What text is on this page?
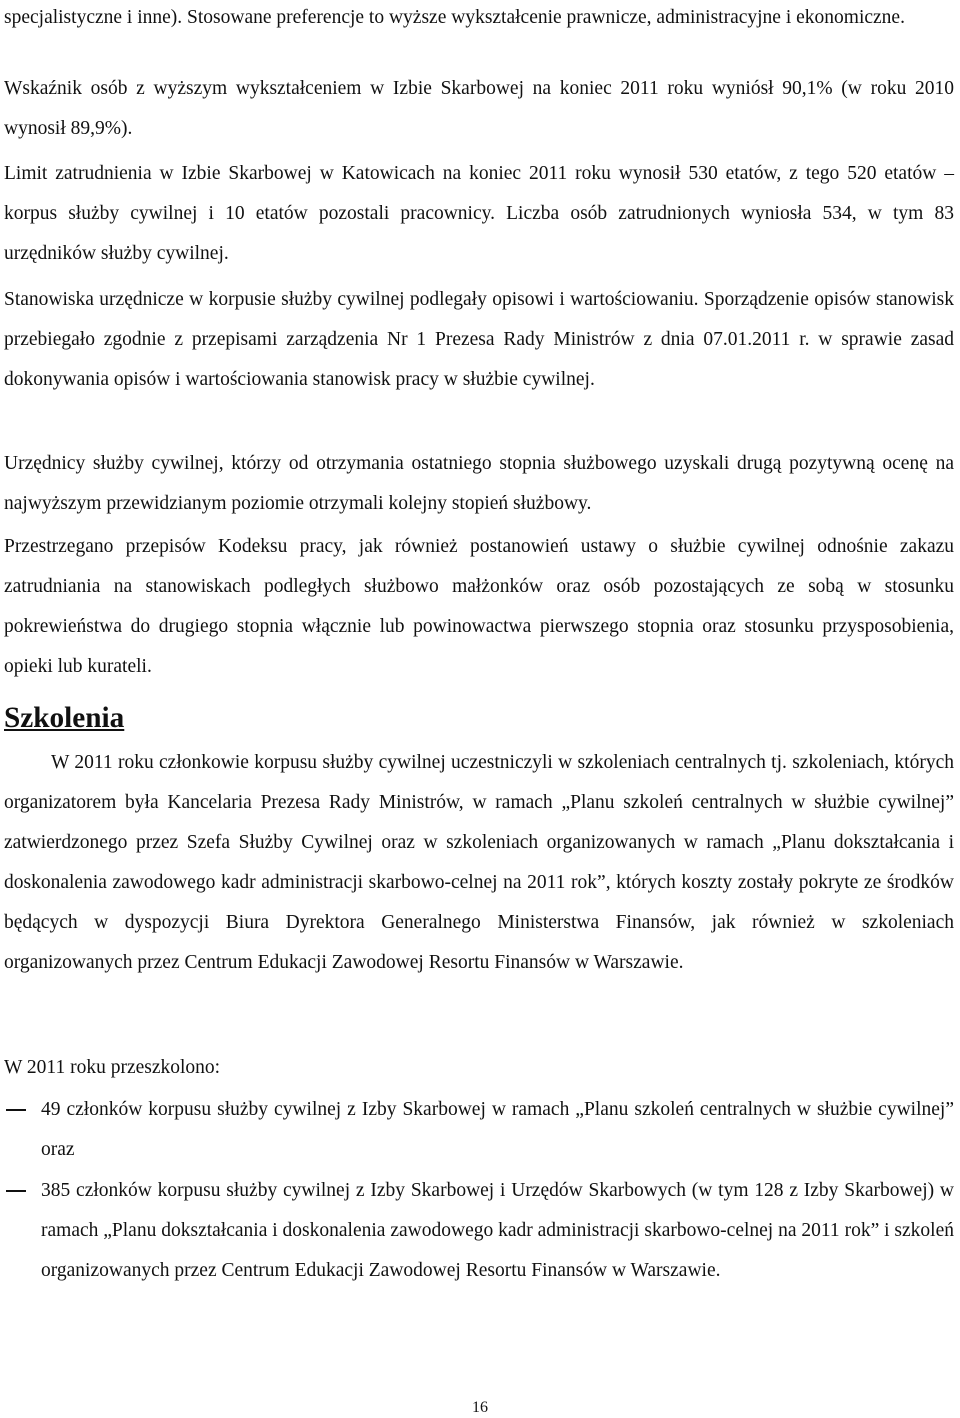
specjalistyczne i inne). Stosowane preferencje to wyższe wykształcenie prawnicze, administracyjne i ekonomiczne.

Wskaźnik osób z wyższym wykształceniem w Izbie Skarbowej na koniec 2011 roku wyniósł 90,1% (w roku 2010 wynosił 89,9%).

Limit zatrudnienia w Izbie Skarbowej w Katowicach na koniec 2011 roku wynosił 530 etatów, z tego 520 etatów – korpus służby cywilnej i 10 etatów pozostali pracownicy. Liczba osób zatrudnionych wyniosła 534, w tym 83 urzędników służby cywilnej.

Stanowiska urzędnicze w korpusie służby cywilnej podlegały opisowi i wartościowaniu. Sporządzenie opisów stanowisk przebiegało zgodnie z przepisami zarządzenia Nr 1 Prezesa Rady Ministrów z dnia 07.01.2011 r. w sprawie zasad dokonywania opisów i wartościowania stanowisk pracy w służbie cywilnej.

Urzędnicy służby cywilnej, którzy od otrzymania ostatniego stopnia służbowego uzyskali drugą pozytywną ocenę na najwyższym przewidzianym poziomie otrzymali kolejny stopień służbowy.

Przestrzegano przepisów Kodeksu pracy, jak również postanowień ustawy o służbie cywilnej odnośnie zakazu zatrudniania na stanowiskach podległych służbowo małżonków oraz osób pozostających ze sobą w stosunku pokrewieństwa do drugiego stopnia włącznie lub powinowactwa pierwszego stopnia oraz stosunku przysposobienia, opieki lub kurateli.

Szkolenia

W 2011 roku członkowie korpusu służby cywilnej uczestniczyli w szkoleniach centralnych tj. szkoleniach, których organizatorem była Kancelaria Prezesa Rady Ministrów, w ramach „Planu szkoleń centralnych w służbie cywilnej” zatwierdzonego przez Szefa Służby Cywilnej oraz w szkoleniach organizowanych w ramach „Planu dokształcania i doskonalenia zawodowego kadr administracji skarbowo-celnej na 2011 rok”, których koszty zostały pokryte ze środków będących w dyspozycji Biura Dyrektora Generalnego Ministerstwa Finansów, jak również w szkoleniach organizowanych przez Centrum Edukacji Zawodowej Resortu Finansów w Warszawie.

W 2011 roku przeszkolono:

49 członków korpusu służby cywilnej z Izby Skarbowej w ramach „Planu szkoleń centralnych w służbie cywilnej” oraz
385 członków korpusu służby cywilnej z Izby Skarbowej i Urzędów Skarbowych (w tym 128 z Izby Skarbowej) w ramach „Planu dokształcania i doskonalenia zawodowego kadr administracji skarbowo-celnej na 2011 rok” i szkoleń organizowanych przez Centrum Edukacji Zawodowej Resortu Finansów w Warszawie.
16
